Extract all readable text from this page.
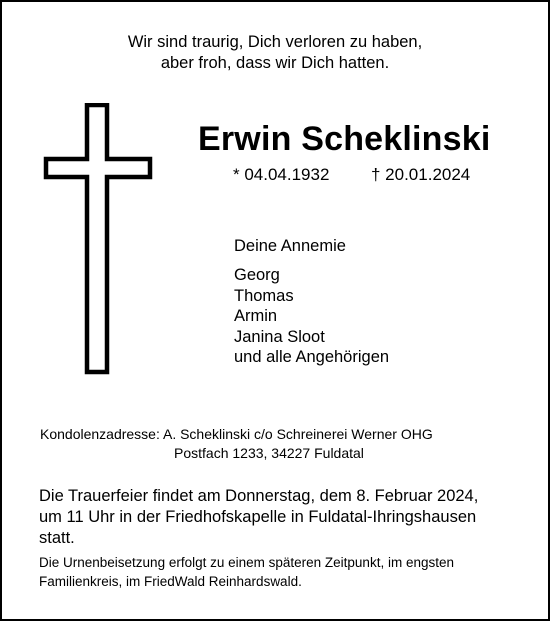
Wir sind traurig, Dich verloren zu haben,
aber froh, dass wir Dich hatten.
Erwin Scheklinski
* 04.04.1932 † 20.01.2024
Deine Annemie
Georg
Thomas
Armin
Janina Sloot
und alle Angehörigen
Kondolenzadresse: A. Scheklinski c/o Schreinerei Werner OHG
Postfach 1233, 34227 Fuldatal
Die Trauerfeier findet am Donnerstag, dem 8. Februar 2024,
um 11 Uhr in der Friedhofskapelle in Fuldatal-Ihringshausen
statt.
Die Urnenbeisetzung erfolgt zu einem späteren Zeitpunkt, im engsten
Familienkreis, im FriedWald Reinhardswald.
